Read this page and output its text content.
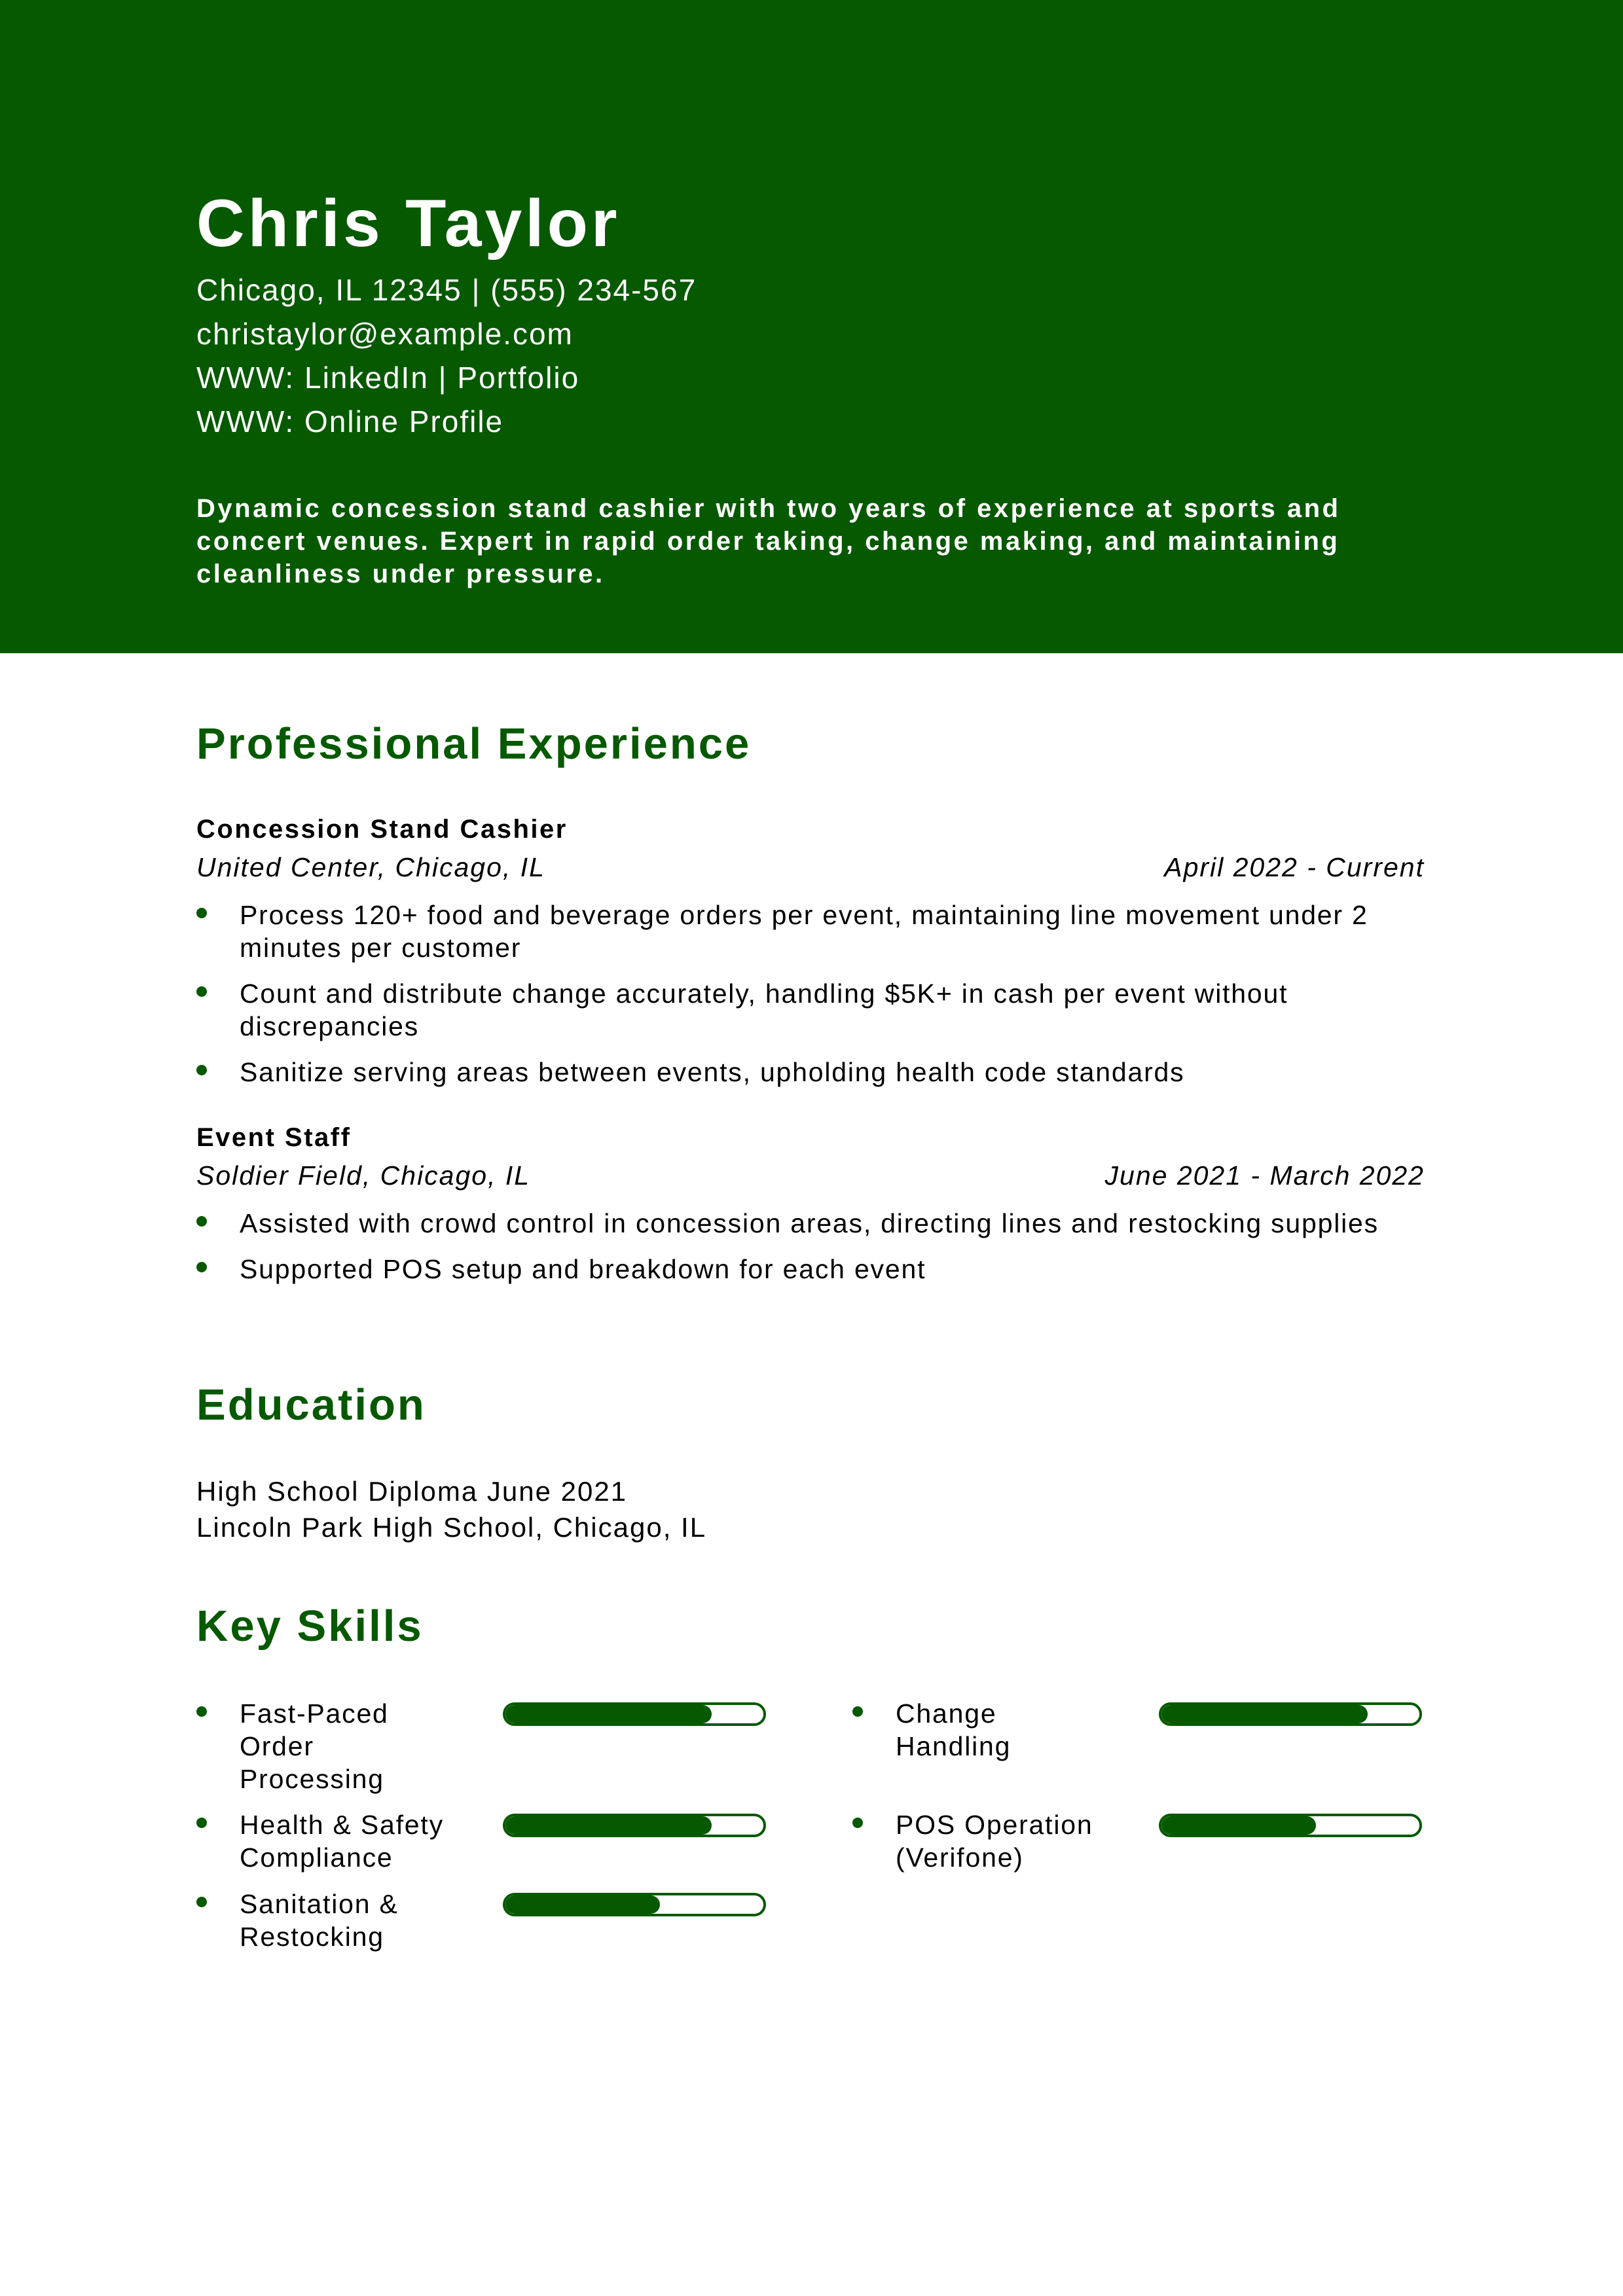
Chris Taylor
Chicago, IL 12345 | (555) 234-567
christaylor@example.com
WWW: LinkedIn | Portfolio
WWW: Online Profile
Dynamic concession stand cashier with two years of experience at sports and concert venues. Expert in rapid order taking, change making, and maintaining cleanliness under pressure.
Professional Experience
Concession Stand Cashier
United Center, Chicago, IL	April 2022 - Current
Process 120+ food and beverage orders per event, maintaining line movement under 2 minutes per customer
Count and distribute change accurately, handling $5K+ in cash per event without discrepancies
Sanitize serving areas between events, upholding health code standards
Event Staff
Soldier Field, Chicago, IL	June 2021 - March 2022
Assisted with crowd control in concession areas, directing lines and restocking supplies
Supported POS setup and breakdown for each event
Education
High School Diploma June 2021
Lincoln Park High School, Chicago, IL
Key Skills
Fast-Paced Order Processing
Change Handling
Health & Safety Compliance
POS Operation (Verifone)
Sanitation & Restocking
